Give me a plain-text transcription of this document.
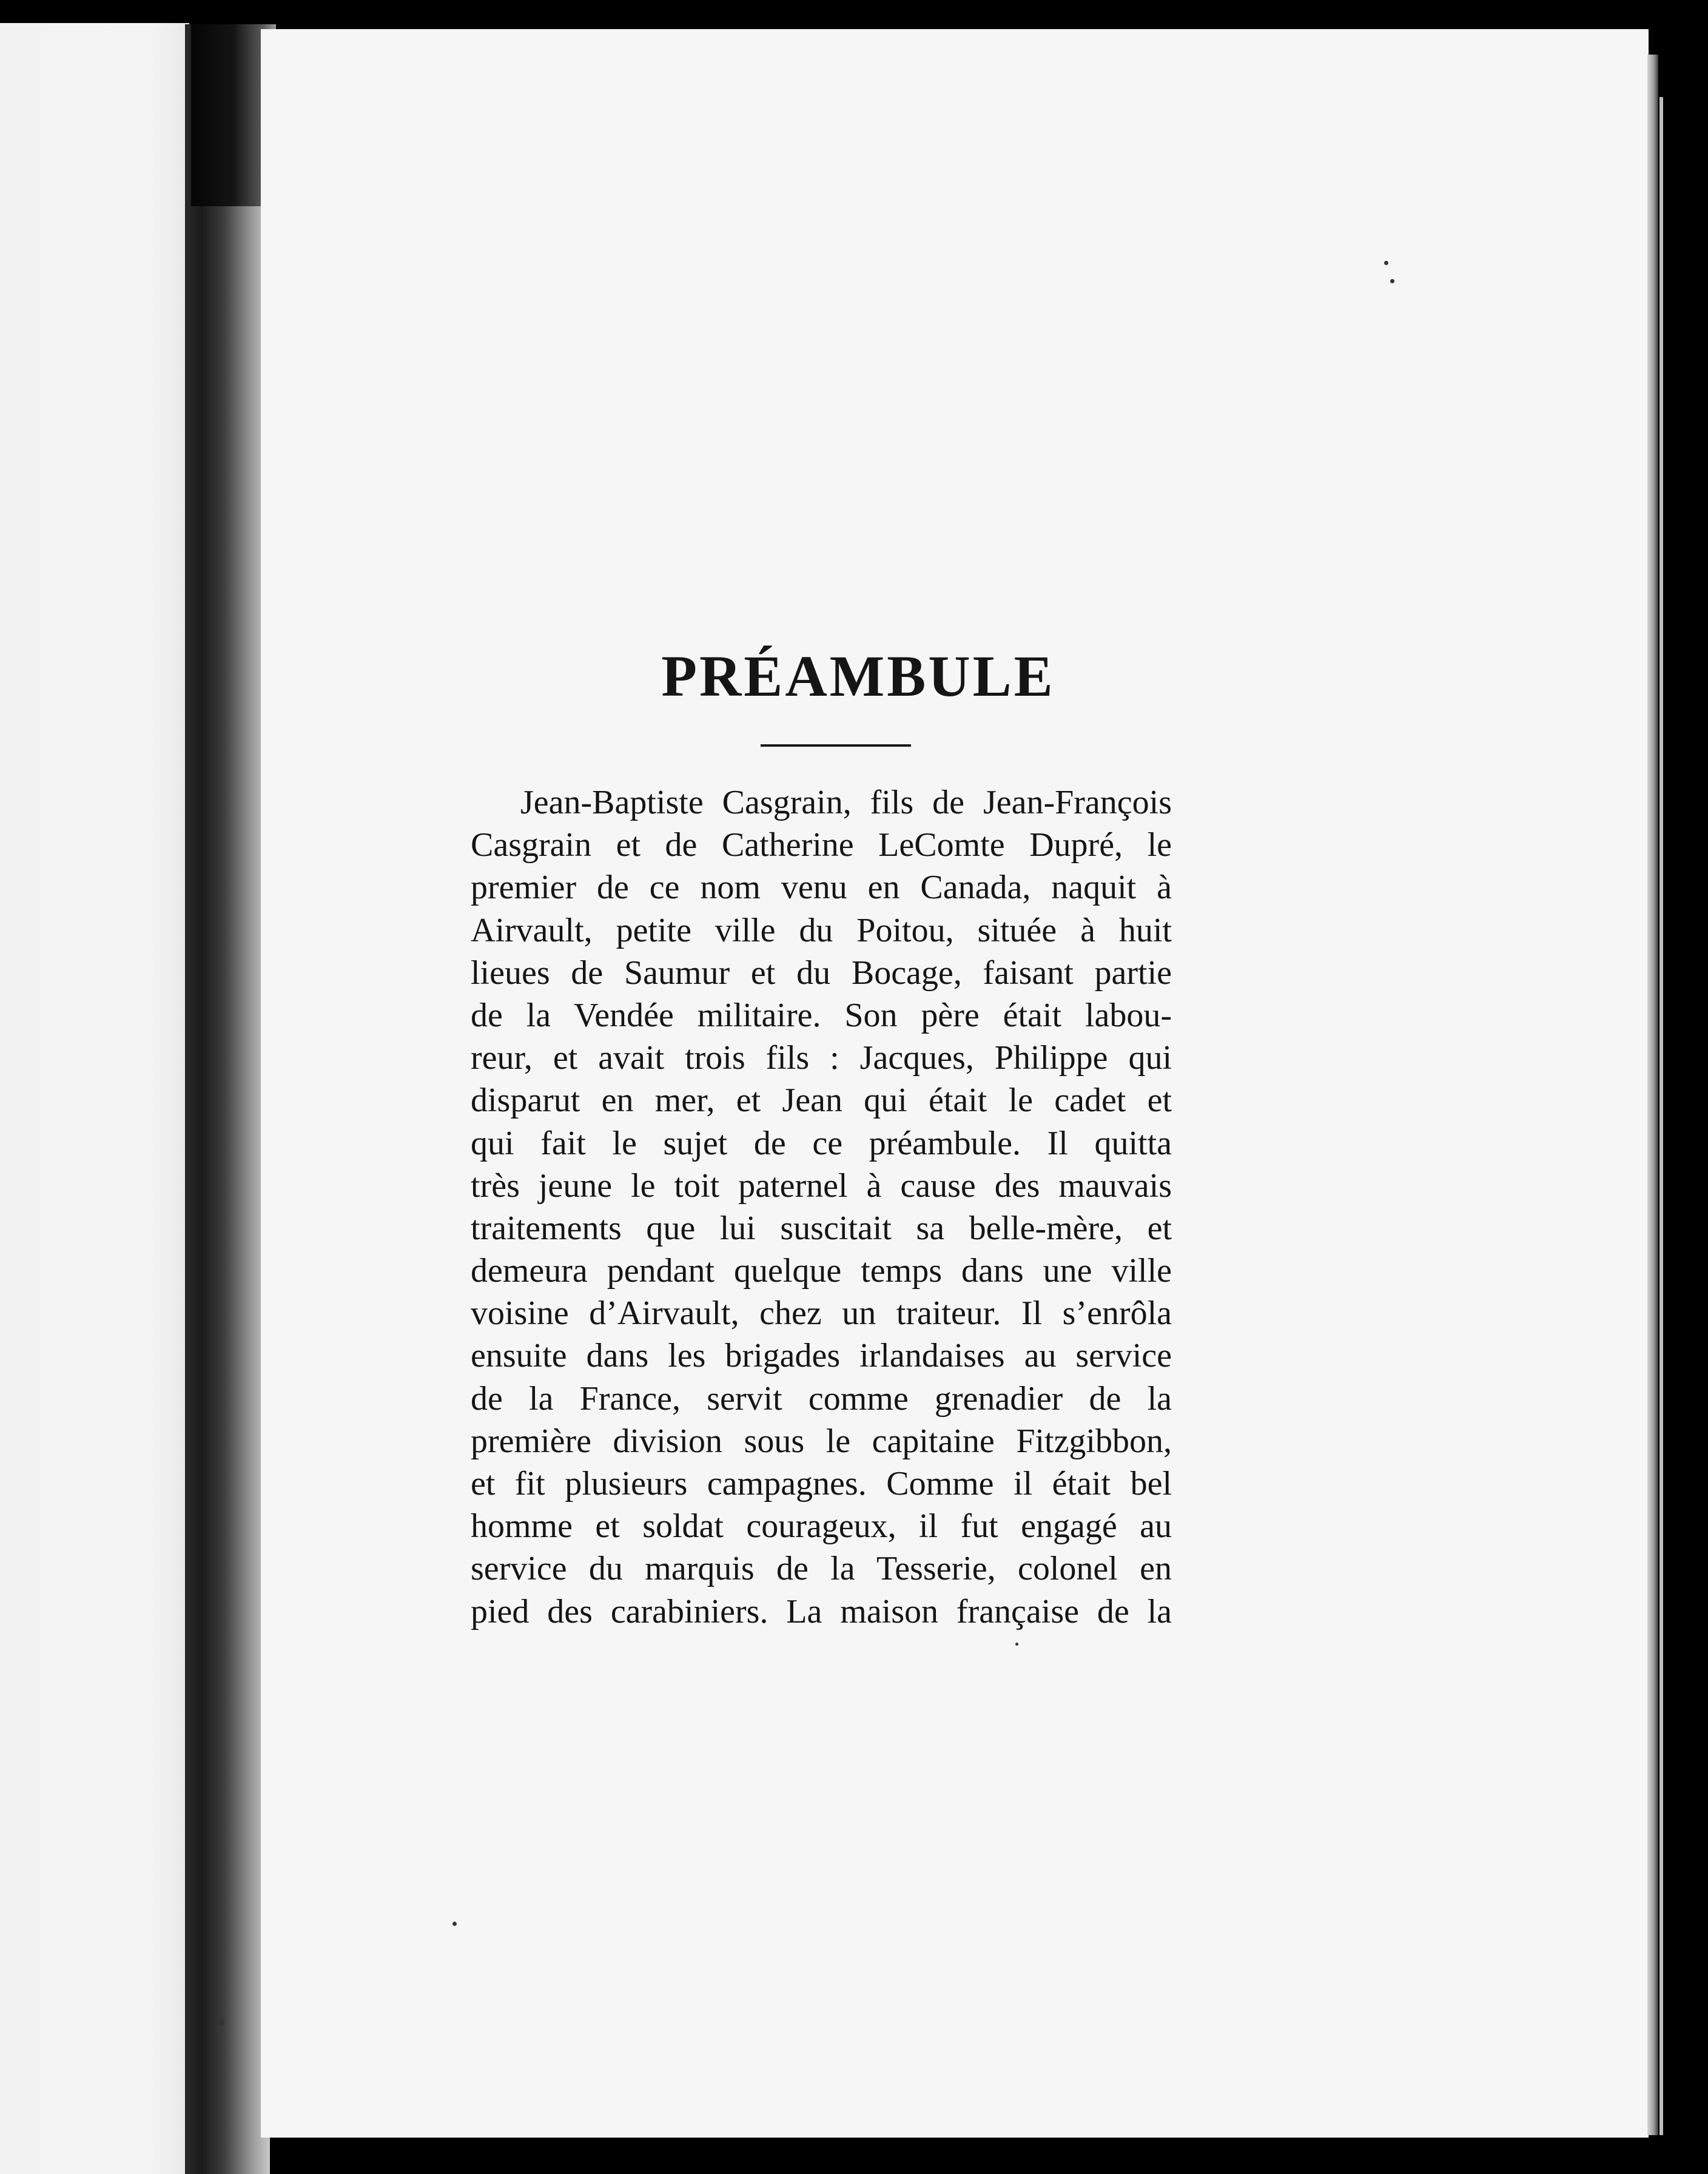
PRÉAMBULE
Jean-Baptiste Casgrain, fils de Jean-François
Casgrain et de Catherine LeComte Dupré, le
premier de ce nom venu en Canada, naquit à
Airvault, petite ville du Poitou, située à huit
lieues de Saumur et du Bocage, faisant partie
de la Vendée militaire. Son père était labou-
reur, et avait trois fils : Jacques, Philippe qui
disparut en mer, et Jean qui était le cadet et
qui fait le sujet de ce préambule. Il quitta
très jeune le toit paternel à cause des mauvais
traitements que lui suscitait sa belle-mère, et
demeura pendant quelque temps dans une ville
voisine d’Airvault, chez un traiteur. Il s’enrôla
ensuite dans les brigades irlandaises au service
de la France, servit comme grenadier de la
première division sous le capitaine Fitzgibbon,
et fit plusieurs campagnes. Comme il était bel
homme et soldat courageux, il fut engagé au
service du marquis de la Tesserie, colonel en
pied des carabiniers. La maison française de la
